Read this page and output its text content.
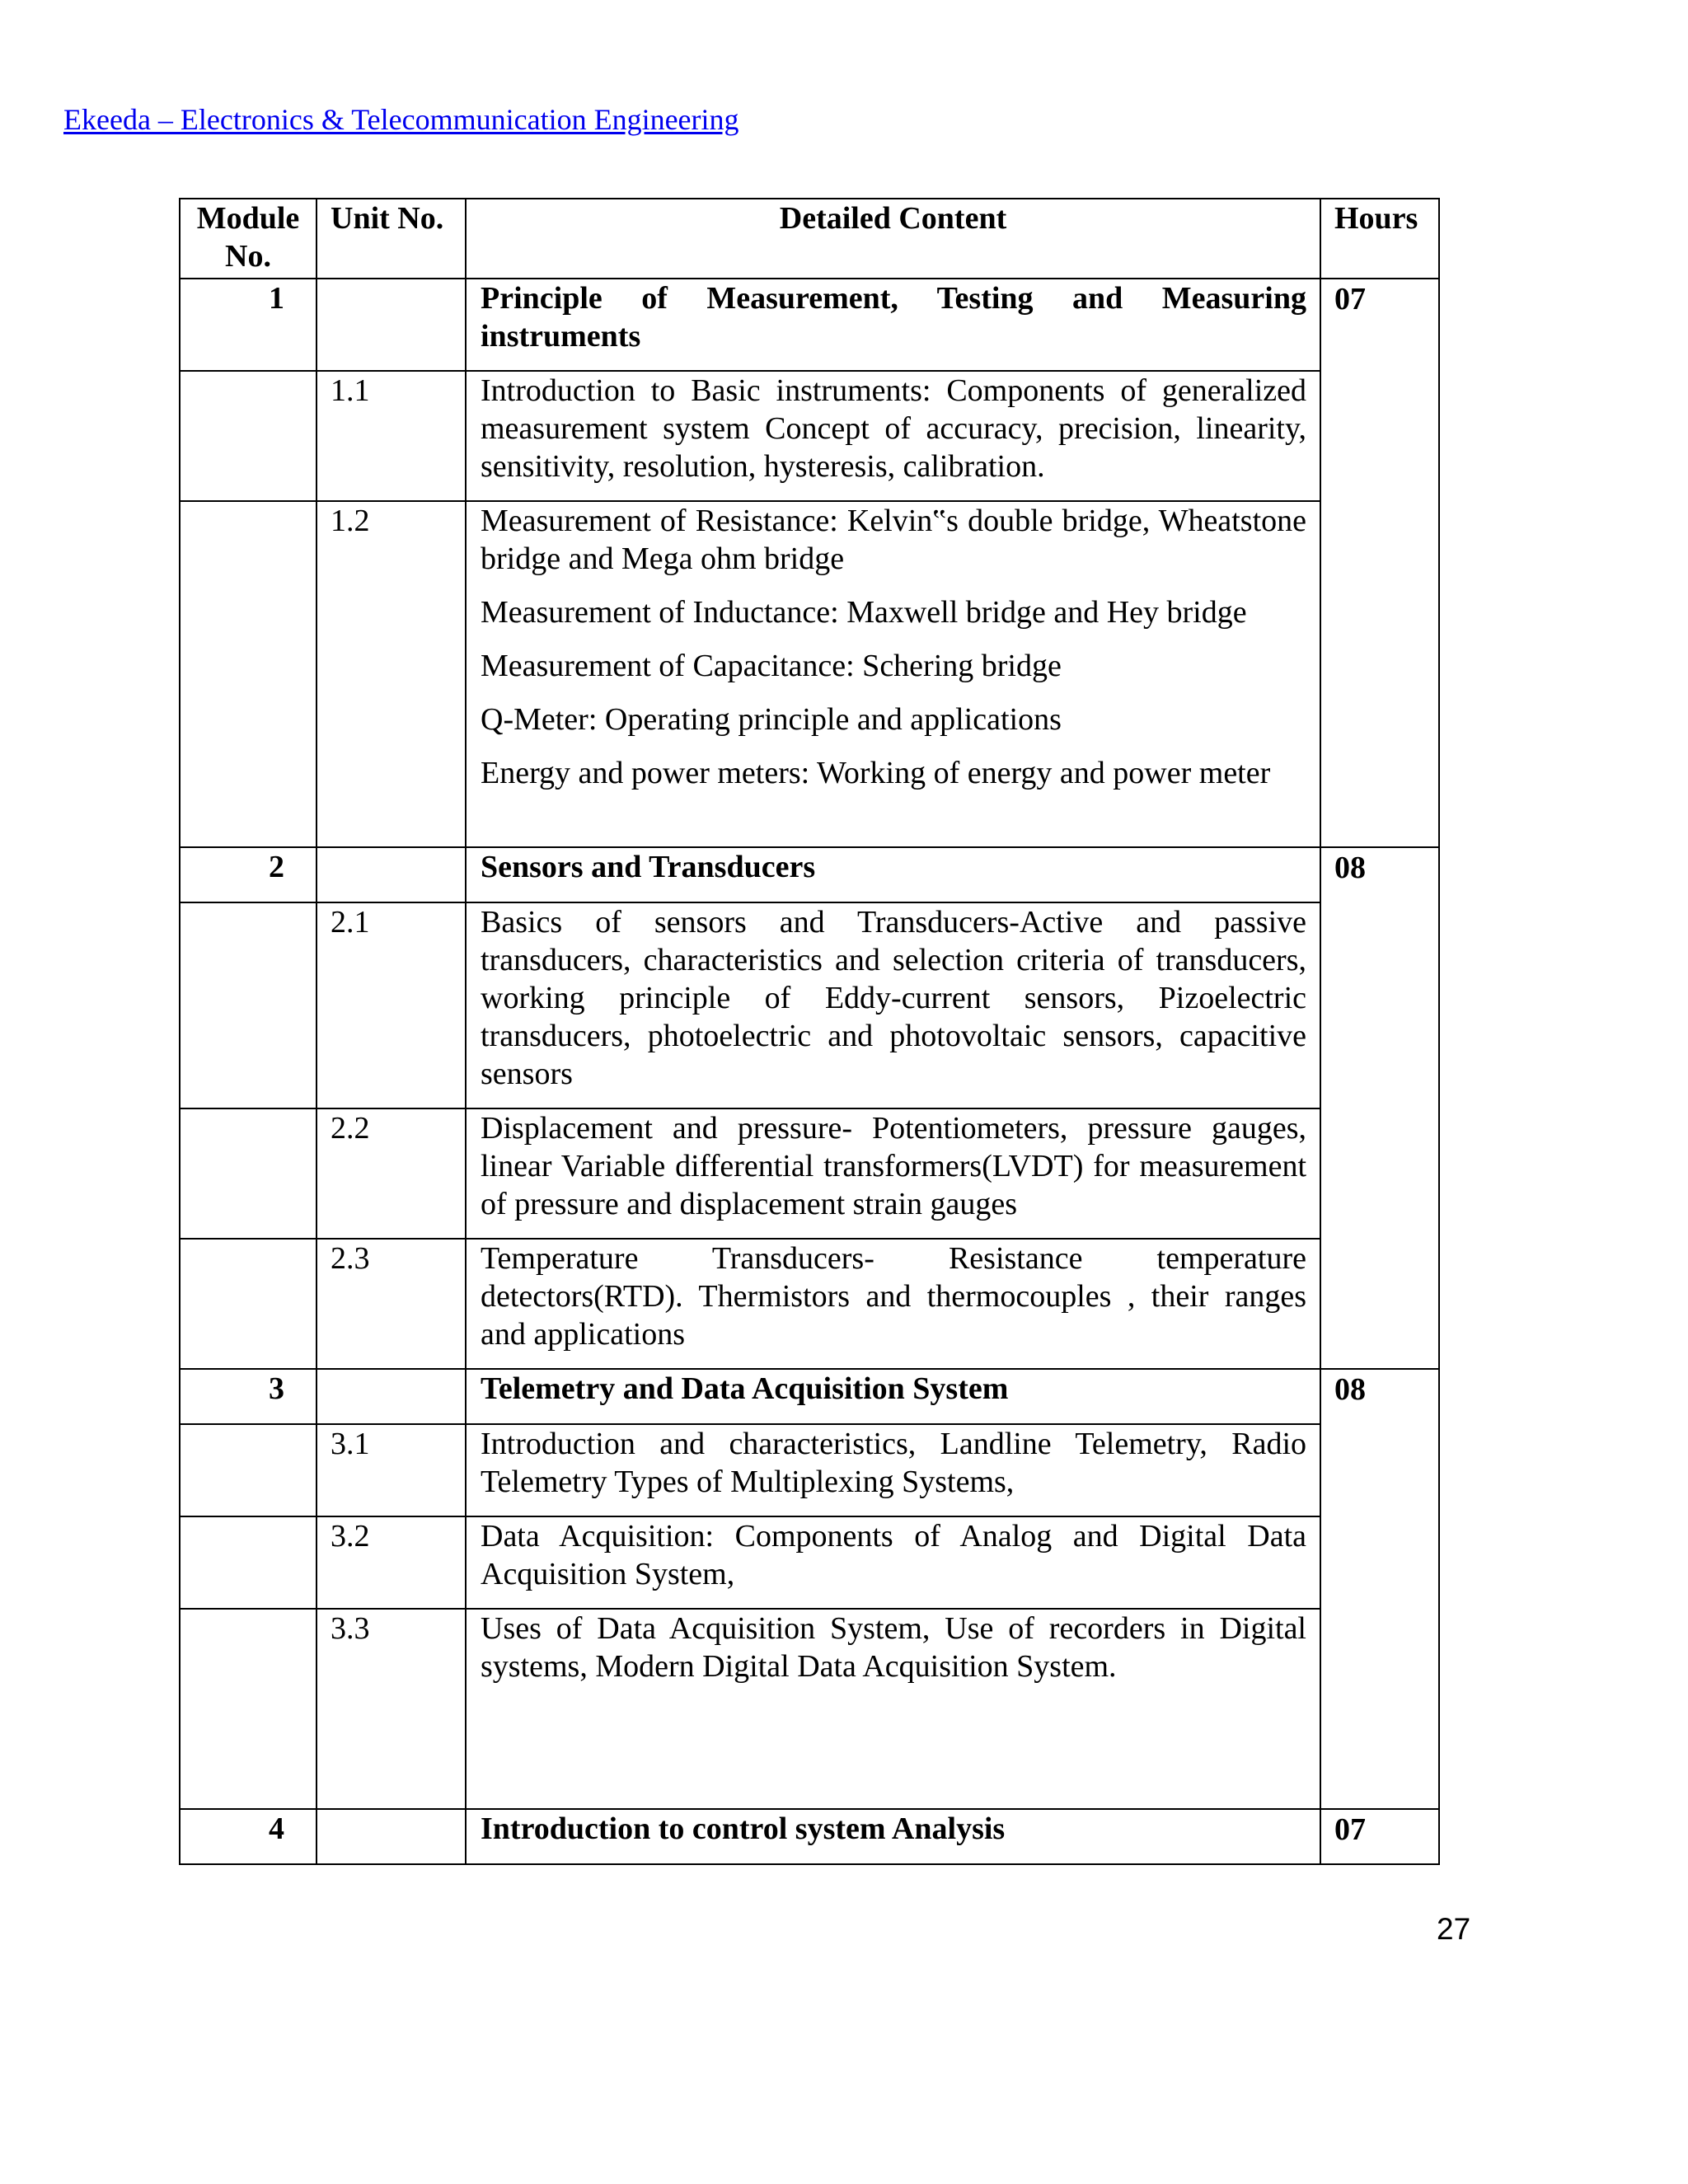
Ekeeda – Electronics & Telecommunication Engineering
Module No.	Unit No.	Detailed Content	Hours
1		Principle of Measurement, Testing and Measuring instruments	07
	1.1	Introduction to Basic instruments: Components of generalized measurement system Concept of accuracy, precision, linearity, sensitivity, resolution, hysteresis, calibration.	

	1.2	Measurement of Resistance: Kelvin‟s double bridge, Wheatstone bridge and Mega ohm bridge

Measurement of Inductance: Maxwell bridge and Hey bridge

Measurement of Capacitance: Schering bridge

Q-Meter: Operating principle and applications

Energy and power meters: Working of energy and power meter	

2		Sensors and Transducers	08
	2.1	Basics of sensors and Transducers-Active and passive transducers, characteristics and selection criteria of transducers, working principle of Eddy-current sensors, Pizoelectric transducers, photoelectric and photovoltaic sensors, capacitive sensors	

	2.2	Displacement and pressure- Potentiometers, pressure gauges, linear Variable differential transformers(LVDT) for measurement of pressure and displacement strain gauges	

	2.3	Temperature Transducers- Resistance temperature detectors(RTD). Thermistors and thermocouples , their ranges and applications	

3		Telemetry and Data Acquisition System	08
	3.1	Introduction and characteristics, Landline Telemetry, Radio Telemetry Types of Multiplexing Systems,	

	3.2	Data Acquisition: Components of Analog and Digital Data Acquisition System,	

	3.3	Uses of Data Acquisition System, Use of recorders in Digital systems, Modern Digital Data Acquisition System.	

4		Introduction to control system Analysis	07
27
